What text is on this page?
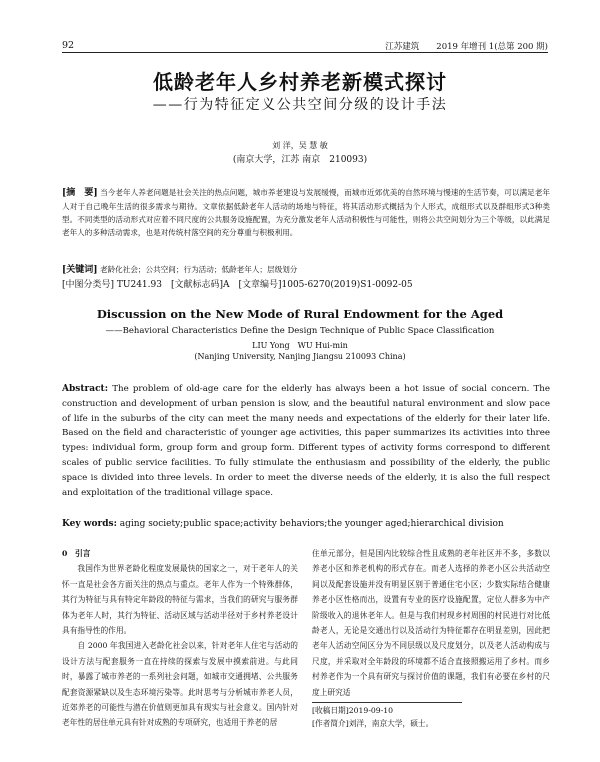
92	江苏建筑　　2019 年增刊 1(总第 200 期)
低龄老年人乡村养老新模式探讨
——行为特征定义公共空间分级的设计手法
刘 洋，吴 慧 敏
(南京大学，江苏 南京　210093)
[摘　要] 当今老年人养老问题是社会关注的热点问题，城市养老建设与发展缓慢，而城市近郊优美的自然环境与慢速的生活节奏，可以满足老年人对于自己晚年生活的很多需求与期待。文章依据低龄老年人活动的场地与特征，将其活动形式概括为个人形式，成组形式以及群组形式3种类型。不同类型的活动形式对应着不同尺度的公共服务设施配置，为充分激发老年人活动积极性与可能性，则将公共空间划分为三个等级，以此满足老年人的多种活动需求，也是对传统村落空间的充分尊重与积极利用。
[关键词] 老龄化社会；公共空间；行为活动；低龄老年人；层级划分
[中图分类号] TU241.93　[文献标志码]A　[文章编号]1005-6270(2019)S1-0092-05
Discussion on the New Mode of Rural Endowment for the Aged
——Behavioral Characteristics Define the Design Technique of Public Space Classification
LIU Yong　WU Hui-min
(Nanjing University, Nanjing Jiangsu 210093 China)
Abstract: The problem of old-age care for the elderly has always been a hot issue of social concern. The construction and development of urban pension is slow, and the beautiful natural environment and slow pace of life in the suburbs of the city can meet the many needs and expectations of the elderly for their later life. Based on the field and characteristic of younger age activities, this paper summarizes its activities into three types: individual form, group form and group form. Different types of activity forms correspond to different scales of public service facilities. To fully stimulate the enthusiasm and possibility of the elderly, the public space is divided into three levels. In order to meet the diverse needs of the elderly, it is also the full respect and exploitation of the traditional village space.
Key words: aging society;public space;activity behaviors;the younger aged;hierarchical division
0　引言

我国作为世界老龄化程度发展最快的国家之一，对于老年人的关怀一直是社会各方面关注的热点与重点。老年人作为一个特殊群体，其行为特征与具有特定年龄段的特征与需求，当我们的研究与服务群体为老年人时，其行为特征、活动区域与活动半径对于乡村养老设计具有指导性的作用。

自 2000 年我国进入老龄化社会以来，针对老年人住宅与活动的设计方法与配套服务一直在持续的探索与发展中摸索前进。与此同时，暴露了城市养老的一系列社会问题，如城市交通拥堵、公共服务配套资源紧缺以及生态环境污染等。此时思考与分析城市养老人员，近郊养老的可能性与潜在价值则更加具有现实与社会意义。国内针对老年性的居住单元具有针对成熟的专项研究，也适用于养老的居

住单元部分，但是国内比较综合性且成熟的老年社区并不多，多数以养老小区和养老机构的形式存在。而老人选择的养老小区公共活动空间以及配套设施并没有明显区别于普通住宅小区；少数实际结合健康养老小区性格而出，设置有专业的医疗设施配置，定位人群多为中产阶级收入的退休老年人。但是与我们村现乡村周围的村民进行对比低龄老人，无论是交通出行以及活动行为特征都存在明显差别，因此把老年人活动空间区分为不同层级以及尺度划分，以及老人活动构成与尺度，并采取对全年龄段的环境都不适合直接照搬运用了乡村。而乡村养老作为一个具有研究与探讨价值的课题，我们有必要在乡村的尺度上研究适

[收稿日期]2019-09-10
[作者简介]刘洋，南京大学，硕士。
